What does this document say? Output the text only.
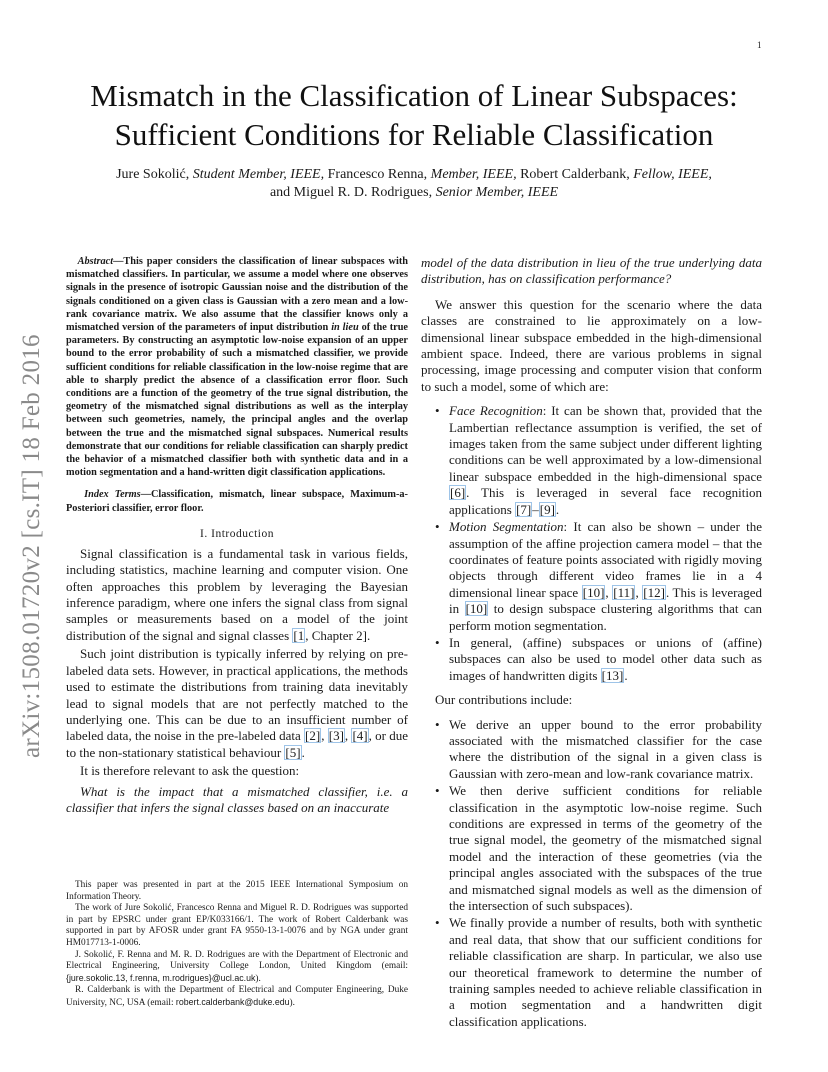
1
arXiv:1508.01720v2 [cs.IT] 18 Feb 2016
Mismatch in the Classification of Linear Subspaces:
Sufficient Conditions for Reliable Classification
Jure Sokolić, Student Member, IEEE, Francesco Renna, Member, IEEE, Robert Calderbank, Fellow, IEEE,
and Miguel R. D. Rodrigues, Senior Member, IEEE
Abstract—This paper considers the classification of linear subspaces with mismatched classifiers. In particular, we assume a model where one observes signals in the presence of isotropic Gaussian noise and the distribution of the signals conditioned on a given class is Gaussian with a zero mean and a low-rank covariance matrix. We also assume that the classifier knows only a mismatched version of the parameters of input distribution in lieu of the true parameters. By constructing an asymptotic low-noise expansion of an upper bound to the error probability of such a mismatched classifier, we provide sufficient conditions for reliable classification in the low-noise regime that are able to sharply predict the absence of a classification error floor. Such conditions are a function of the geometry of the true signal distribution, the geometry of the mismatched signal distributions as well as the interplay between such geometries, namely, the principal angles and the overlap between the true and the mismatched signal subspaces. Numerical results demonstrate that our conditions for reliable classification can sharply predict the behavior of a mismatched classifier both with synthetic data and in a motion segmentation and a hand-written digit classification applications.
Index Terms—Classification, mismatch, linear subspace, Maximum-a-Posteriori classifier, error floor.
I. Introduction

Signal classification is a fundamental task in various fields, including statistics, machine learning and computer vision. One often approaches this problem by leveraging the Bayesian inference paradigm, where one infers the signal class from signal samples or measurements based on a model of the joint distribution of the signal and signal classes [1, Chapter 2].

Such joint distribution is typically inferred by relying on pre-labeled data sets. However, in practical applications, the methods used to estimate the distributions from training data inevitably lead to signal models that are not perfectly matched to the underlying one. This can be due to an insufficient number of labeled data, the noise in the pre-labeled data [2], [3], [4], or due to the non-stationary statistical behaviour [5].

It is therefore relevant to ask the question:

What is the impact that a mismatched classifier, i.e. a classifier that infers the signal classes based on an inaccurate

This paper was presented in part at the 2015 IEEE International Symposium on Information Theory.

The work of Jure Sokolić, Francesco Renna and Miguel R. D. Rodrigues was supported in part by EPSRC under grant EP/K033166/1. The work of Robert Calderbank was supported in part by AFOSR under grant FA 9550-13-1-0076 and by NGA under grant HM017713-1-0006.

J. Sokolić, F. Renna and M. R. D. Rodrigues are with the Department of Electronic and Electrical Engineering, University College London, United Kingdom (email: {jure.sokolic.13, f.renna, m.rodrigues}@ucl.ac.uk).

R. Calderbank is with the Department of Electrical and Computer Engineering, Duke University, NC, USA (email: robert.calderbank@duke.edu).

model of the data distribution in lieu of the true underlying data distribution, has on classification performance?

We answer this question for the scenario where the data classes are constrained to lie approximately on a low-dimensional linear subspace embedded in the high-dimensional ambient space. Indeed, there are various problems in signal processing, image processing and computer vision that conform to such a model, some of which are:

• Face Recognition: It can be shown that, provided that the Lambertian reflectance assumption is verified, the set of images taken from the same subject under different lighting conditions can be well approximated by a low-dimensional linear subspace embedded in the high-dimensional space [6]. This is leveraged in several face recognition applications [7]–[9].
• Motion Segmentation: It can also be shown – under the assumption of the affine projection camera model – that the coordinates of feature points associated with rigidly moving objects through different video frames lie in a 4 dimensional linear space [10], [11], [12]. This is leveraged in [10] to design subspace clustering algorithms that can perform motion segmentation.
• In general, (affine) subspaces or unions of (affine) subspaces can also be used to model other data such as images of handwritten digits [13].

Our contributions include:

• We derive an upper bound to the error probability associated with the mismatched classifier for the case where the distribution of the signal in a given class is Gaussian with zero-mean and low-rank covariance matrix.
• We then derive sufficient conditions for reliable classification in the asymptotic low-noise regime. Such conditions are expressed in terms of the geometry of the true signal model, the geometry of the mismatched signal model and the interaction of these geometries (via the principal angles associated with the subspaces of the true and mismatched signal models as well as the dimension of the intersection of such subspaces).
• We finally provide a number of results, both with synthetic and real data, that show that our sufficient conditions for reliable classification are sharp. In particular, we also use our theoretical framework to determine the number of training samples needed to achieve reliable classification in a motion segmentation and a handwritten digit classification applications.
